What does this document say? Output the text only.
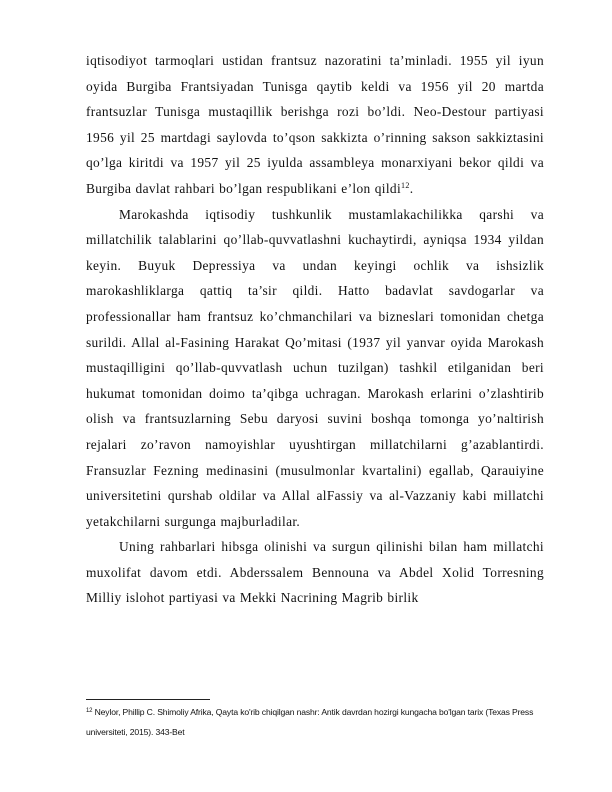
iqtisodiyot tarmoqlari ustidan frantsuz nazoratini ta’minladi. 1955 yil iyun oyida Burgiba Frantsiyadan Tunisga qaytib keldi va 1956 yil 20 martda frantsuzlar Tunisga mustaqillik berishga rozi bo’ldi. Neo-Destour partiyasi 1956 yil 25 martdagi saylovda to’qson sakkizta o’rinning sakson sakkiztasini qo’lga kiritdi va 1957 yil 25 iyulda assambleya monarxiyani bekor qildi va Burgiba davlat rahbari bo’lgan respublikani e’lon qildi$^{12}$.

Marokashda iqtisodiy tushkunlik mustamlakachilikka qarshi va millatchilik talablarini qo’llab-quvvatlashni kuchaytirdi, ayniqsa 1934 yildan keyin. Buyuk Depressiya va undan keyingi ochlik va ishsizlik marokashliklarga qattiq ta’sir qildi. Hatto badavlat savdogarlar va professionallar ham frantsuz ko’chmanchilari va bizneslari tomonidan chetga surildi. Allal al-Fasining Harakat Qo’mitasi (1937 yil yanvar oyida Marokash mustaqilligini qo’llab-quvvatlash uchun tuzilgan) tashkil etilganidan beri hukumat tomonidan doimo ta’qibga uchragan. Marokash erlarini o’zlashtirib olish va frantsuzlarning Sebu daryosi suvini boshqa tomonga yo’naltirish rejalari zo’ravon namoyishlar uyushtirgan millatchilarni g’azablantirdi. Fransuzlar Fezning medinasini (musulmonlar kvartalini) egallab, Qarauiyine universitetini qurshab oldilar va Allal alFassiy va al-Vazzaniy kabi millatchi yetakchilarni surgunga majburladilar.

Uning rahbarlari hibsga olinishi va surgun qilinishi bilan ham millatchi muxolifat davom etdi. Abderssalem Bennouna va Abdel Xolid Torresning Milliy islohot partiyasi va Mekki Nacrining Magrib birlik

$^{12}$ Neylor, Phillip C. Shimoliy Afrika, Qayta ko'rib chiqilgan nashr: Antik davrdan hozirgi kungacha bo'lgan tarix (Texas Press universiteti, 2015). 343-Bet
